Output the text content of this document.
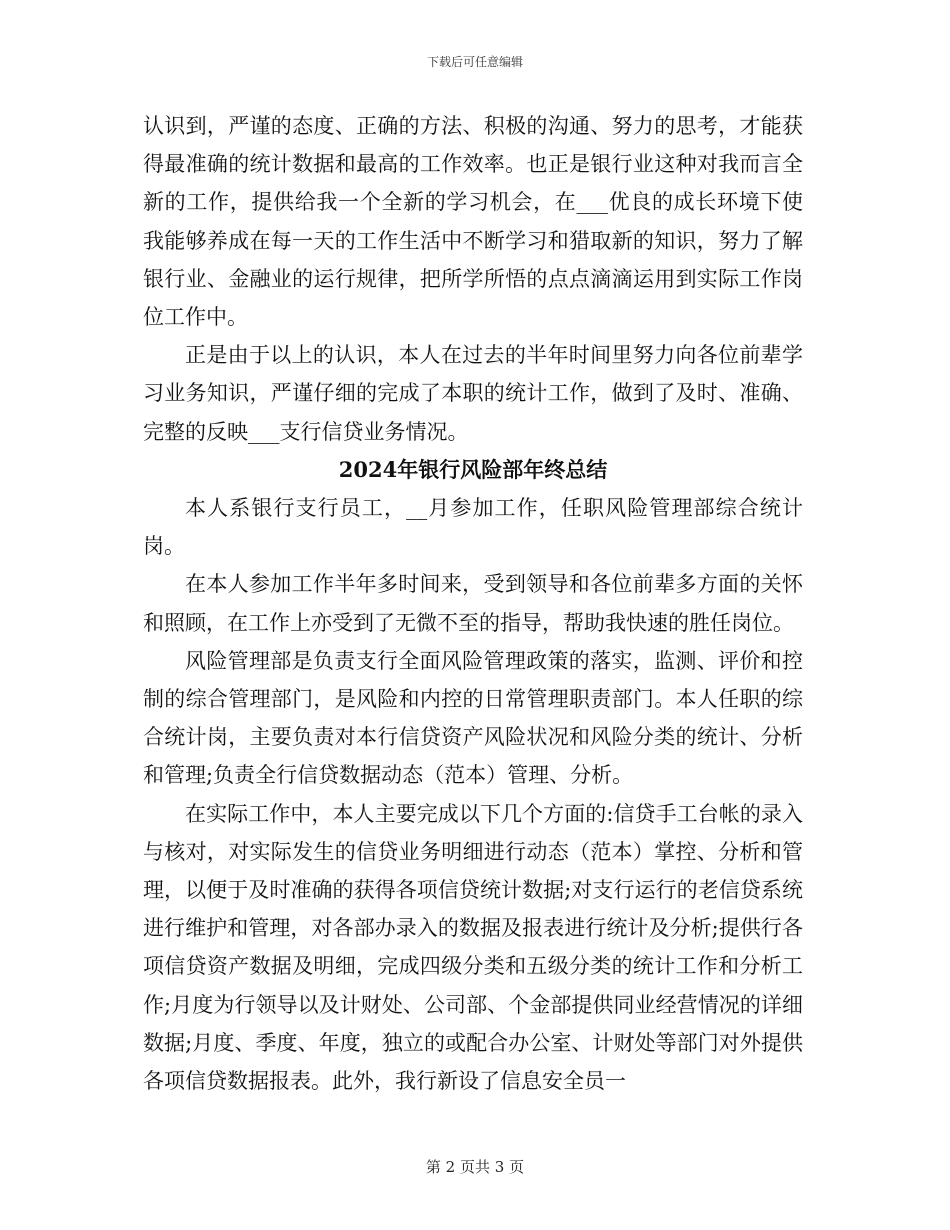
下载后可任意编辑

认识到，严谨的态度、正确的方法、积极的沟通、努力的思考，才能获得最准确的统计数据和最高的工作效率。也正是银行业这种对我而言全新的工作，提供给我一个全新的学习机会，在___优良的成长环境下使我能够养成在每一天的工作生活中不断学习和猎取新的知识，努力了解银行业、金融业的运行规律，把所学所悟的点点滴滴运用到实际工作岗位工作中。

正是由于以上的认识，本人在过去的半年时间里努力向各位前辈学习业务知识，严谨仔细的完成了本职的统计工作，做到了及时、准确、完整的反映___支行信贷业务情况。

2024年银行风险部年终总结

本人系银行支行员工，__月参加工作，任职风险管理部综合统计岗。

在本人参加工作半年多时间来，受到领导和各位前辈多方面的关怀和照顾，在工作上亦受到了无微不至的指导，帮助我快速的胜任岗位。

风险管理部是负责支行全面风险管理政策的落实，监测、评价和控制的综合管理部门，是风险和内控的日常管理职责部门。本人任职的综合统计岗，主要负责对本行信贷资产风险状况和风险分类的统计、分析和管理;负责全行信贷数据动态（范本）管理、分析。

在实际工作中，本人主要完成以下几个方面的:信贷手工台帐的录入与核对，对实际发生的信贷业务明细进行动态（范本）掌控、分析和管理，以便于及时准确的获得各项信贷统计数据;对支行运行的老信贷系统进行维护和管理，对各部办录入的数据及报表进行统计及分析;提供行各项信贷资产数据及明细，完成四级分类和五级分类的统计工作和分析工作;月度为行领导以及计财处、公司部、个金部提供同业经营情况的详细数据;月度、季度、年度，独立的或配合办公室、计财处等部门对外提供各项信贷数据报表。此外，我行新设了信息安全员一

第 2 页共 3 页
